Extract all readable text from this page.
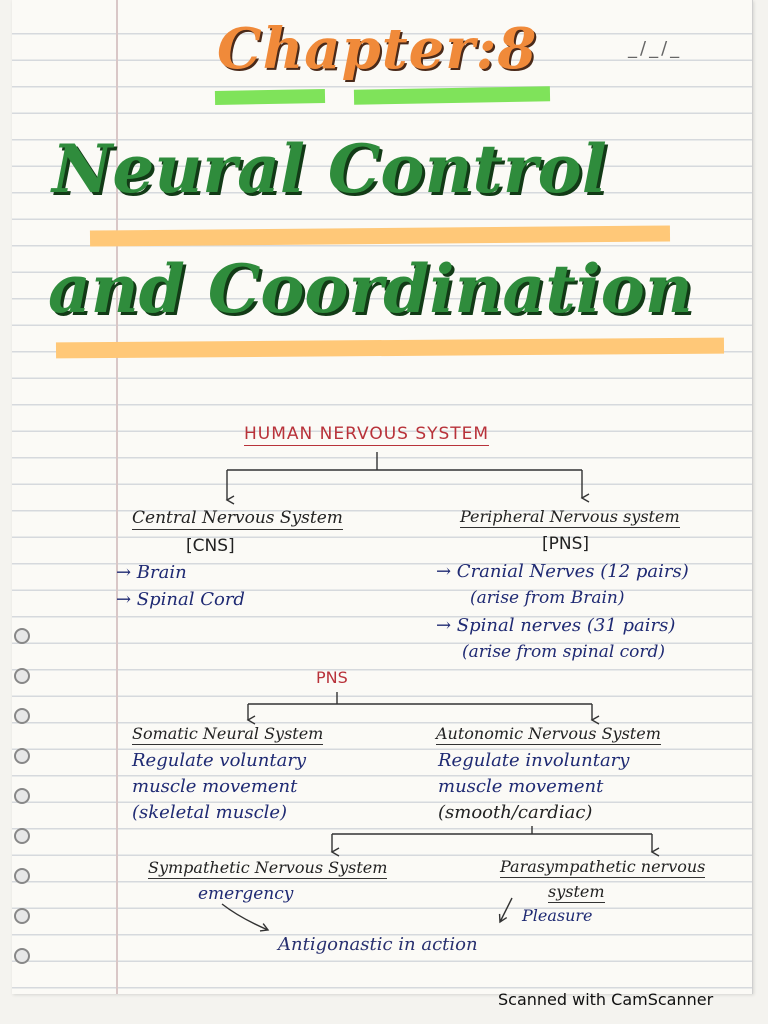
Chapter:8	_/_/_
Neural Control
and Coordination
HUMAN NERVOUS SYSTEM
Central Nervous System
[CNS]
→ Brain
→ Spinal Cord
Peripheral Nervous system
[PNS]
→ Cranial Nerves (12 pairs)
(arise from Brain)
→ Spinal nerves (31 pairs)
(arise from spinal cord)
PNS
Somatic Neural System
Regulate voluntary
muscle movement
(skeletal muscle)
Autonomic Nervous System
Regulate involuntary
muscle movement
(smooth/cardiac)
Sympathetic Nervous System
emergency
Parasympathetic nervous
system
Pleasure
Antigonastic in action
Scanned with CamScanner
